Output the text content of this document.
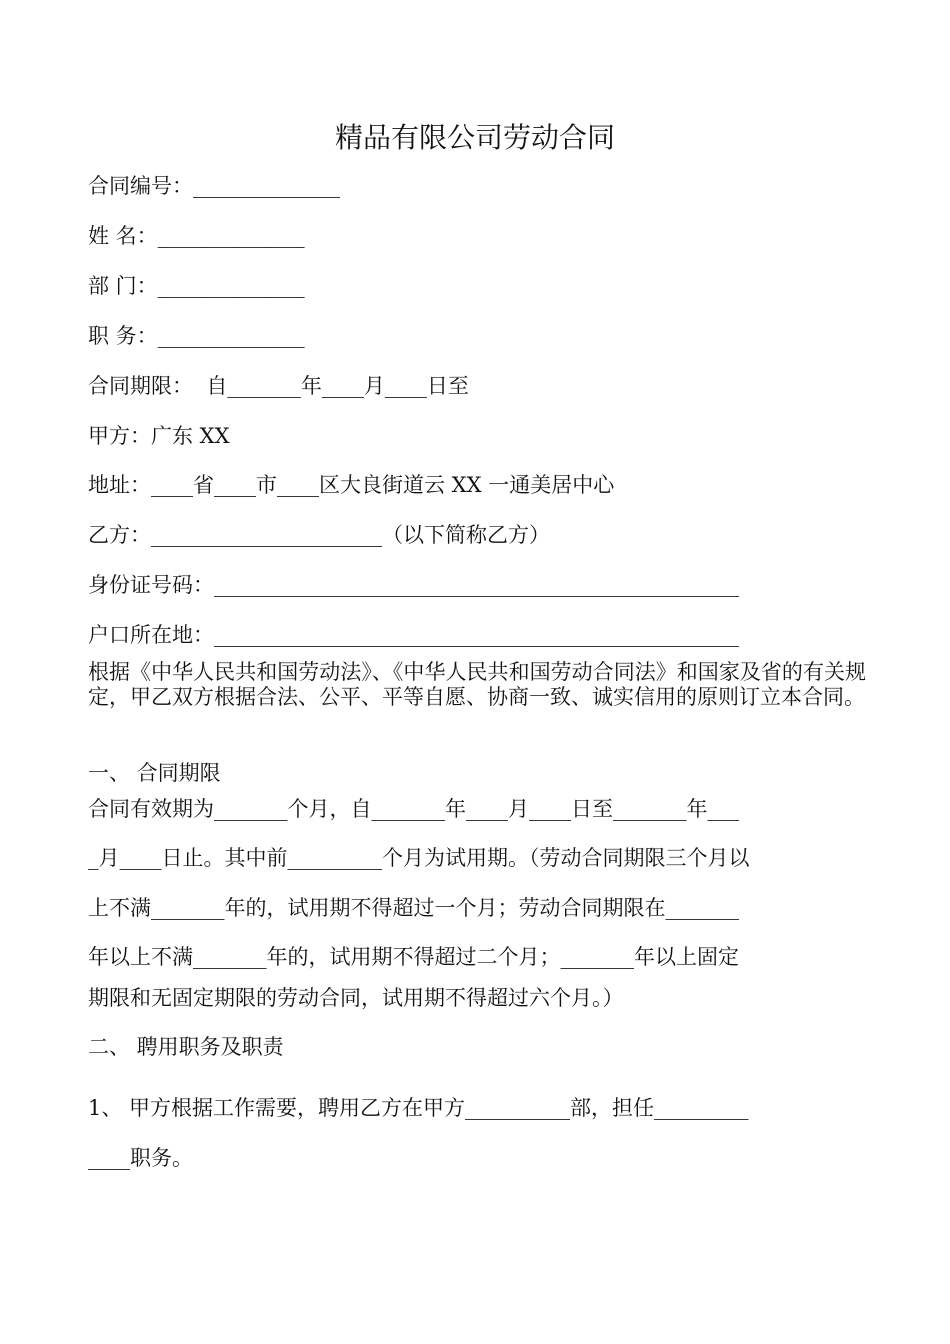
精品有限公司劳动合同
合同编号：______________
姓 名：______________
部 门：______________
职 务：______________
合同期限：  自_______年____月____日至
甲方：广东 XX
地址：____省____市____区大良街道云 XX 一通美居中心
乙方：______________________（以下简称乙方）
身份证号码：__________________________________________________
户口所在地：__________________________________________________
根据《中华人民共和国劳动法》、《中华人民共和国劳动合同法》和国家及省的有关规定，甲乙双方根据合法、公平、平等自愿、协商一致、诚实信用的原则订立本合同。
一、 合同期限
合同有效期为_______个月，自_______年____月____日至_______年___
_月____日止。其中前_________个月为试用期。（劳动合同期限三个月以
上不满_______年的，试用期不得超过一个月；劳动合同期限在_______
年以上不满_______年的，试用期不得超过二个月；_______年以上固定
期限和无固定期限的劳动合同，试用期不得超过六个月。）
二、 聘用职务及职责
1、 甲方根据工作需要，聘用乙方在甲方__________部，担任_________
____职务。
